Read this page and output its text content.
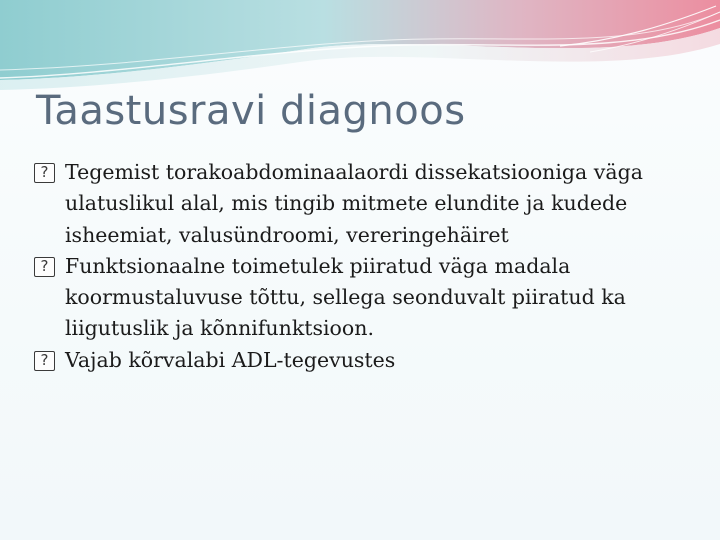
Taastusravi diagnoos
?
Tegemist torakoabdominaalaordi dissekatsiooniga väga ulatuslikul alal, mis tingib mitmete elundite ja kudede isheemiat, valusündroomi, vereringehäiret
?
Funktsionaalne toimetulek piiratud väga madala koormustaluvuse tõttu, sellega seonduvalt piiratud ka liigutuslik ja kõnnifunktsioon.
?
Vajab kõrvalabi ADL-tegevustes
